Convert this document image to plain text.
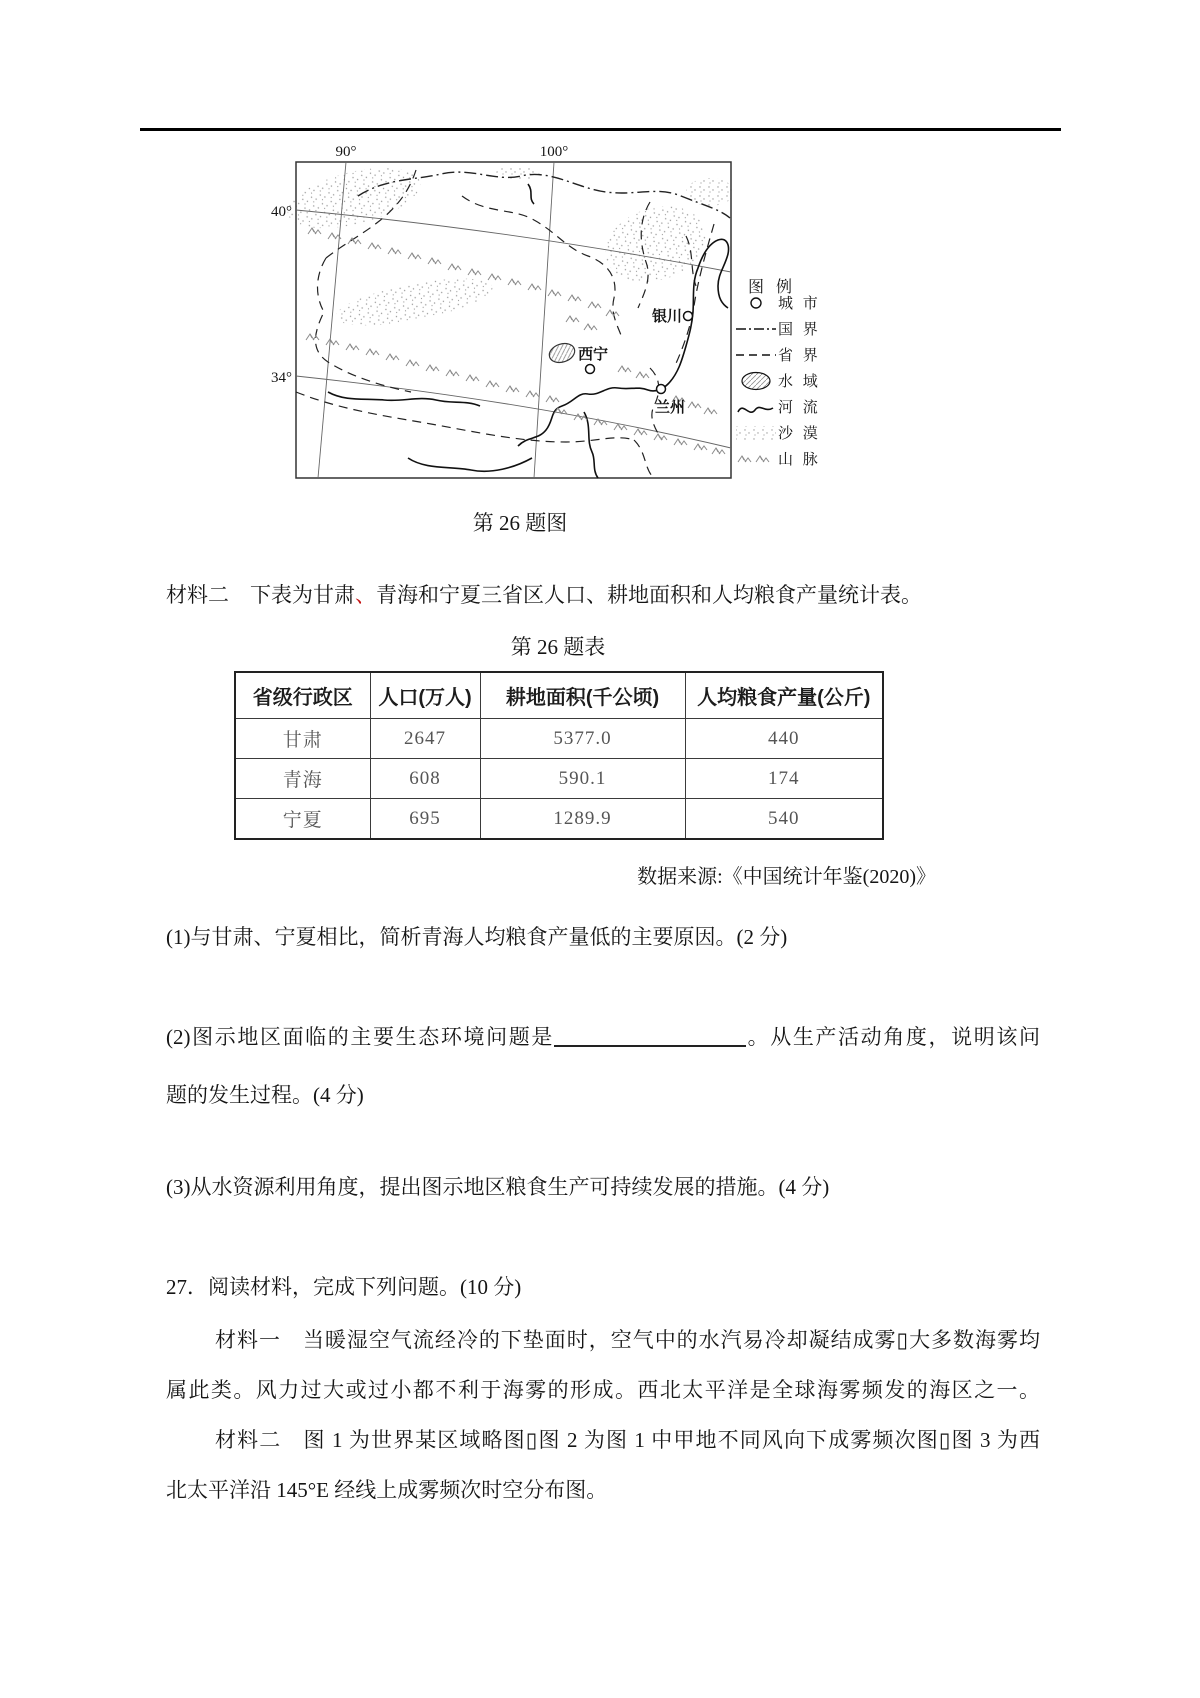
90°	100°
40°
34°
银川
西宁
兰州
图 例
城 市
国 界
省 界
水 域
河 流
沙 漠
山 脉
第 26 题图
材料二　下表为甘肃、青海和宁夏三省区人口、耕地面积和人均粮食产量统计表。
第 26 题表
省级行政区	人口(万人)	耕地面积(千公顷)	人均粮食产量(公斤)
甘肃	2647	5377.0	440
青海	608	590.1	174
宁夏	695	1289.9	540
数据来源:《中国统计年鉴(2020)》
(1)与甘肃、宁夏相比，简析青海人均粮食产量低的主要原因。(2 分)
(2)图示地区面临的主要生态环境问题是	。从生产活动角度，说明该问
题的发生过程。(4 分)
(3)从水资源利用角度，提出图示地区粮食生产可持续发展的措施。(4 分)
27．阅读材料，完成下列问题。(10 分)
材料一　当暖湿空气流经冷的下垫面时，空气中的水汽易冷却凝结成雾▯大多数海雾均
属此类。风力过大或过小都不利于海雾的形成。西北太平洋是全球海雾频发的海区之一。
材料二　图 1 为世界某区域略图▯图 2 为图 1 中甲地不同风向下成雾频次图▯图 3 为西
北太平洋沿 145°E 经线上成雾频次时空分布图。
